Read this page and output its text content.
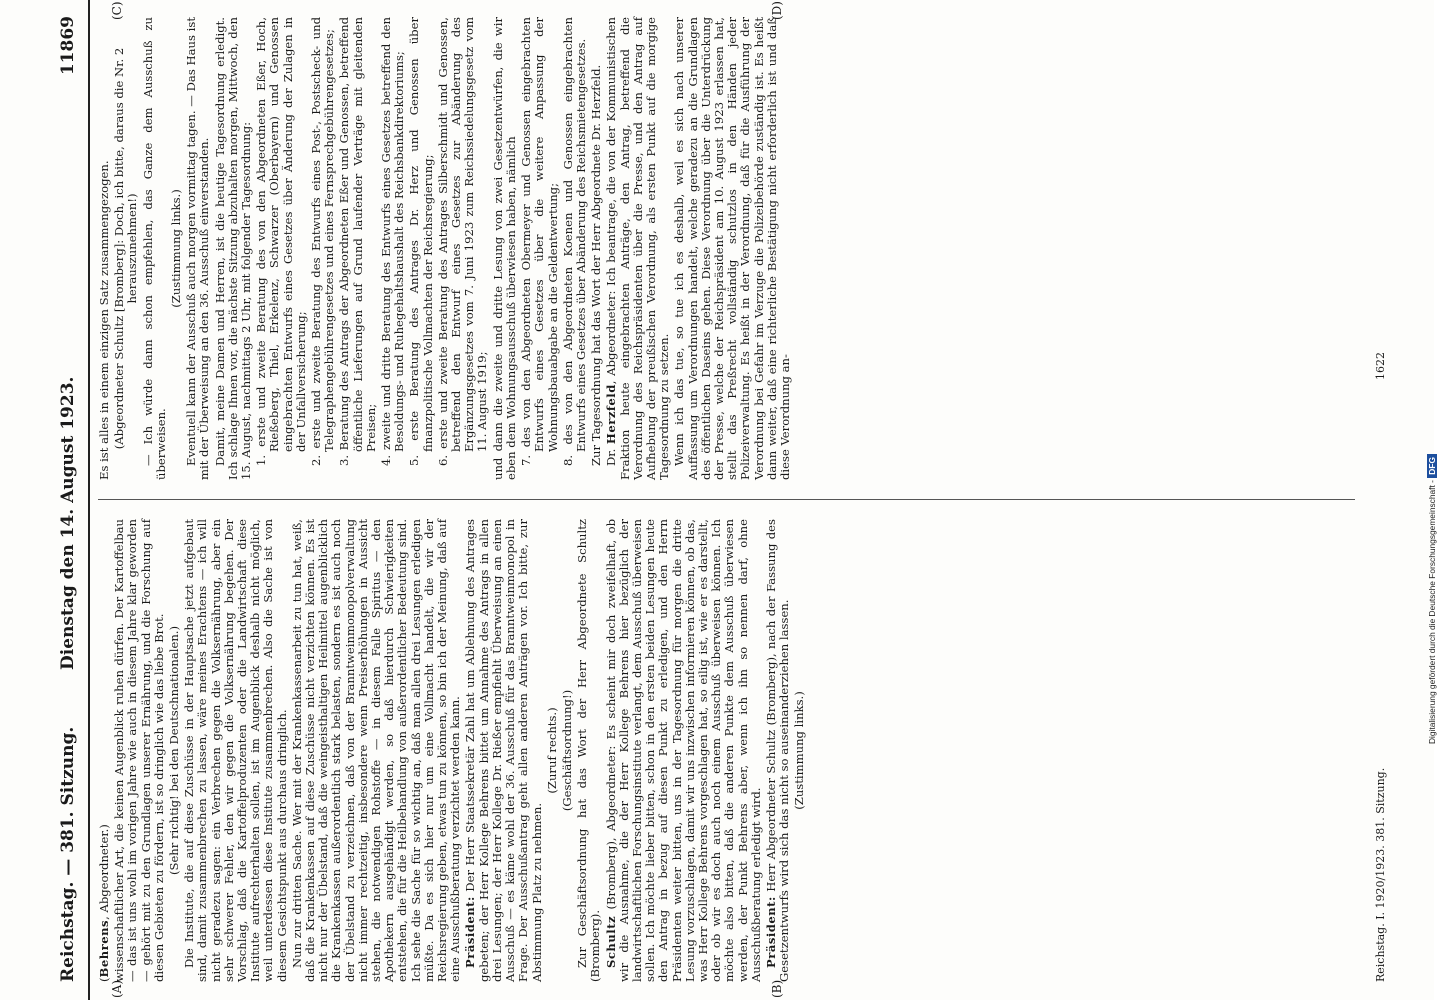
Reichstag. — 381. Sitzung.
Dienstag den 14. August 1923.
11869
(A)	(B)
(C)	(D)

(Behrens, Abgeordneter.) wissenschaftlicher Art, die keinen Augenblick ruhen dürfen. Der Kartoffelbau — das ist uns wohl im vorigen Jahre wie auch in diesem Jahre klar geworden — gehört mit zu den Grundlagen unserer Ernährung, und die Forschung auf diesen Gebieten zu fördern, ist so dringlich wie das liebe Brot. (Sehr richtig! bei den Deutschnationalen.) Die Institute, die auf diese Zuschüsse in der Hauptsache jetzt aufgebaut sind, damit zusammenbrechen zu lassen, wäre meines Erachtens — ich will nicht geradezu sagen: ein Verbrechen gegen die Volksernährung, aber ein sehr schwerer Fehler, den wir gegen die Volksernährung begehen. Der Vorschlag, daß die Kartoffelproduzenten oder die Landwirtschaft diese Institute aufrechterhalten sollen, ist im Augenblick deshalb nicht möglich, weil unterdessen diese Institute zusammenbrechen. Also die Sache ist von diesem Gesichtspunkt aus durchaus dringlich. Nun zur dritten Sache. Wer mit der Krankenkassenarbeit zu tun hat, weiß, daß die Krankenkassen auf diese Zuschüsse nicht verzichten können. Es ist nicht nur der Übelstand, daß die weingeisthaltigen Heilmittel augenblicklich die Krankenkassen außerordentlich stark belasten, sondern es ist auch noch der Übelstand zu verzeichnen, daß von der Branntweinmonopolverwaltung nicht immer rechtzeitig, insbesondere wenn Preiserhöhungen in Aussicht stehen, die notwendigen Rohstoffe — in diesem Falle Spiritus — den Apothekern ausgehändigt werden, so daß hierdurch Schwierigkeiten entstehen, die für die Heilbehandlung von außerordentlicher Bedeutung sind. Ich sehe die Sache für so wichtig an, daß man allen drei Lesungen erledigen müßte. Da es sich hier nur um eine Vollmacht handelt, die wir der Reichsregierung geben, etwas tun zu können, so bin ich der Meinung, daß auf eine Ausschußberatung verzichtet werden kann. Präsident: Der Herr Staatssekretär Zahl hat um Ablehnung des Antrages gebeten; der Herr Kollege Behrens bittet um Annahme des Antrags in allen drei Lesungen; der Herr Kollege Dr. Rießer empfiehlt Überweisung an einen Ausschuß — es käme wohl der 36. Ausschuß für das Branntweinmonopol in Frage. Der Ausschußantrag geht allen anderen Anträgen vor. Ich bitte, zur Abstimmung Platz zu nehmen.

(Zuruf rechts.) (Geschäftsordnung!) Zur Geschäftsordnung hat das Wort der Herr Abgeordnete Schultz (Bromberg). Schultz (Bromberg), Abgeordneter: Es scheint mir doch zweifelhaft, ob wir die Ausnahme, die der Herr Kollege Behrens hier bezüglich der landwirtschaftlichen Forschungsinstitute verlangt, dem Ausschuß überweisen sollen. Ich möchte lieber bitten, schon in den ersten beiden Lesungen heute den Antrag in bezug auf diesen Punkt zu erledigen, und den Herrn Präsidenten weiter bitten, uns in der Tagesordnung für morgen die dritte Lesung vorzuschlagen, damit wir uns inzwischen informieren können, ob das, was Herr Kollege Behrens vorgeschlagen hat, so eilig ist, wie er es darstellt, oder ob wir es doch auch noch einem Ausschuß überweisen können. Ich möchte also bitten, daß die anderen Punkte dem Ausschuß überwiesen werden, der Punkt Behrens aber, wenn ich ihn so nennen darf, ohne Ausschußberatung erledigt wird. Präsident: Herr Abgeordneter Schultz (Bromberg), nach der Fassung des Gesetzentwurfs wird sich das nicht so auseinanderziehen lassen. (Zustimmung links.)

Es ist alles in einem einzigen Satz zusammengezogen. (Abgeordneter Schultz [Bromberg]: Doch, ich bitte, daraus die Nr. 2 herauszunehmen!) — Ich würde dann schon empfehlen, das Ganze dem Ausschuß zu überweisen.

(Zustimmung links.) Eventuell kann der Ausschuß auch morgen vormittag tagen. — Das Haus ist mit der Überweisung an den 36. Ausschuß einverstanden. Damit, meine Damen und Herren, ist die heutige Tagesordnung erledigt. Ich schlage Ihnen vor, die nächste Sitzung abzuhalten morgen, Mittwoch, den 15. August, nachmittags 2 Uhr, mit folgender Tagesordnung: 1. erste und zweite Beratung des von den Abgeordneten Eßer, Hoch, Rießeberg, Thiel, Erkelenz, Schwarzer (Oberbayern) und Genossen eingebrachten Entwurfs eines Gesetzes über Änderung der Zulagen in der Unfallversicherung; 2. erste und zweite Beratung des Entwurfs eines Post-, Postscheck- und Telegraphengebührengesetzes und eines Fernsprechgebührengesetzes; 3. Beratung des Antrags der Abgeordneten Eßer und Genossen, betreffend öffentliche Lieferungen auf Grund laufender Verträge mit gleitenden Preisen; 4. zweite und dritte Beratung des Entwurfs eines Gesetzes betreffend den Besoldungs- und Ruhegehaltshaushalt des Reichsbankdirektoriums; 5. erste Beratung des Antrages Dr. Herz und Genossen über finanzpolitische Vollmachten der Reichsregierung; 6. erste und zweite Beratung des Antrages Silberschmidt und Genossen, betreffend den Entwurf eines Gesetzes zur Abänderung des Ergänzungsgesetzes vom 7. Juni 1923 zum Reichssiedelungsgesetz vom 11. August 1919; und dann die zweite und dritte Lesung von zwei Gesetzentwürfen, die wir eben dem Wohnungsausschuß überwiesen haben, nämlich 7. des von den Abgeordneten Obermeyer und Genossen eingebrachten Entwurfs eines Gesetzes über die weitere Anpassung der Wohnungsbauabgabe an die Geldentwertung; 8. des von den Abgeordneten Koenen und Genossen eingebrachten Entwurfs eines Gesetzes über Abänderung des Reichsmietengesetzes. Zur Tagesordnung hat das Wort der Herr Abgeordnete Dr. Herzfeld. Dr. Herzfeld, Abgeordneter: Ich beantrage, die von der Kommunistischen Fraktion heute eingebrachten Anträge, den Antrag, betreffend die Verordnung des Reichspräsidenten über die Presse, und den Antrag auf Aufhebung der preußischen Verordnung, als ersten Punkt auf die morgige Tagesordnung zu setzen. Wenn ich das tue, so tue ich es deshalb, weil es sich nach unserer Auffassung um Verordnungen handelt, welche geradezu an die Grundlagen des öffentlichen Daseins gehen. Diese Verordnung über die Unterdrückung der Presse, welche der Reichspräsident am 10. August 1923 erlassen hat, stellt das Preßrecht vollständig schutzlos in den Händen jeder Polizeiverwaltung. Es heißt in der Verordnung, daß für die Ausführung der Verordnung bei Gefahr im Verzuge die Polizeibehörde zuständig ist. Es heißt dann weiter, daß eine richterliche Bestätigung nicht erforderlich ist und daß diese Verordnung an-

Reichstag. I. 1920/1923. 381. Sitzung.
1622
Digitalisierung gefördert durch die Deutsche Forschungsgemeinschaft - DFG
